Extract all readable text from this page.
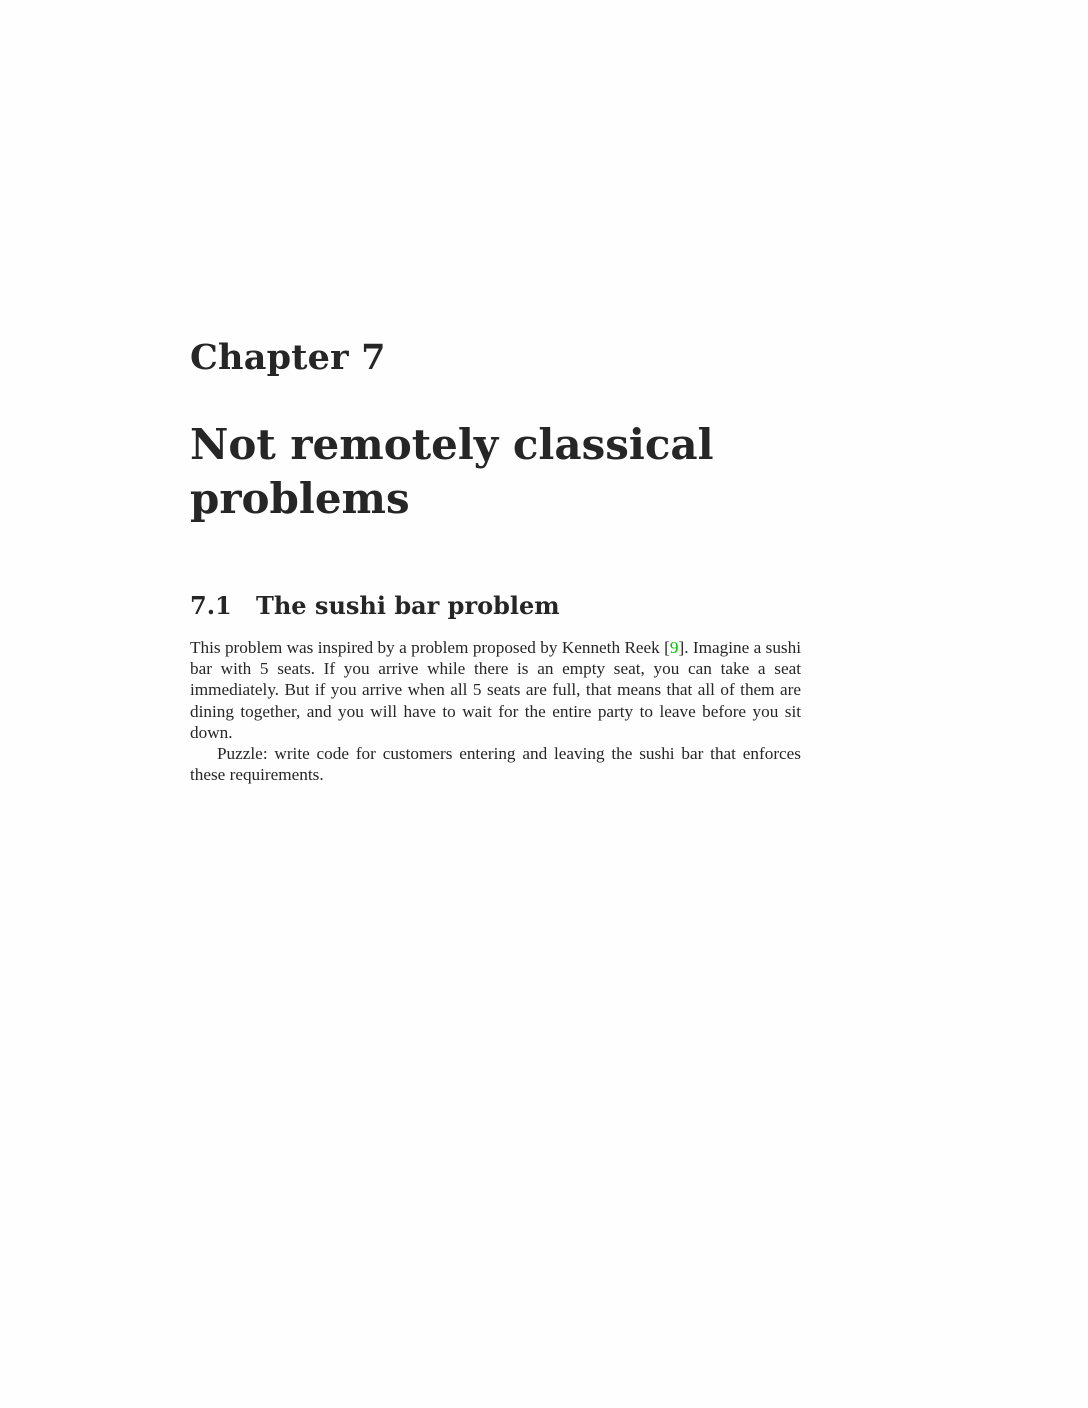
Chapter 7
Not remotely classical problems
7.1 The sushi bar problem

This problem was inspired by a problem proposed by Kenneth Reek [9]. Imagine a sushi bar with 5 seats. If you arrive while there is an empty seat, you can take a seat immediately. But if you arrive when all 5 seats are full, that means that all of them are dining together, and you will have to wait for the entire party to leave before you sit down.

Puzzle: write code for customers entering and leaving the sushi bar that enforces these requirements.
